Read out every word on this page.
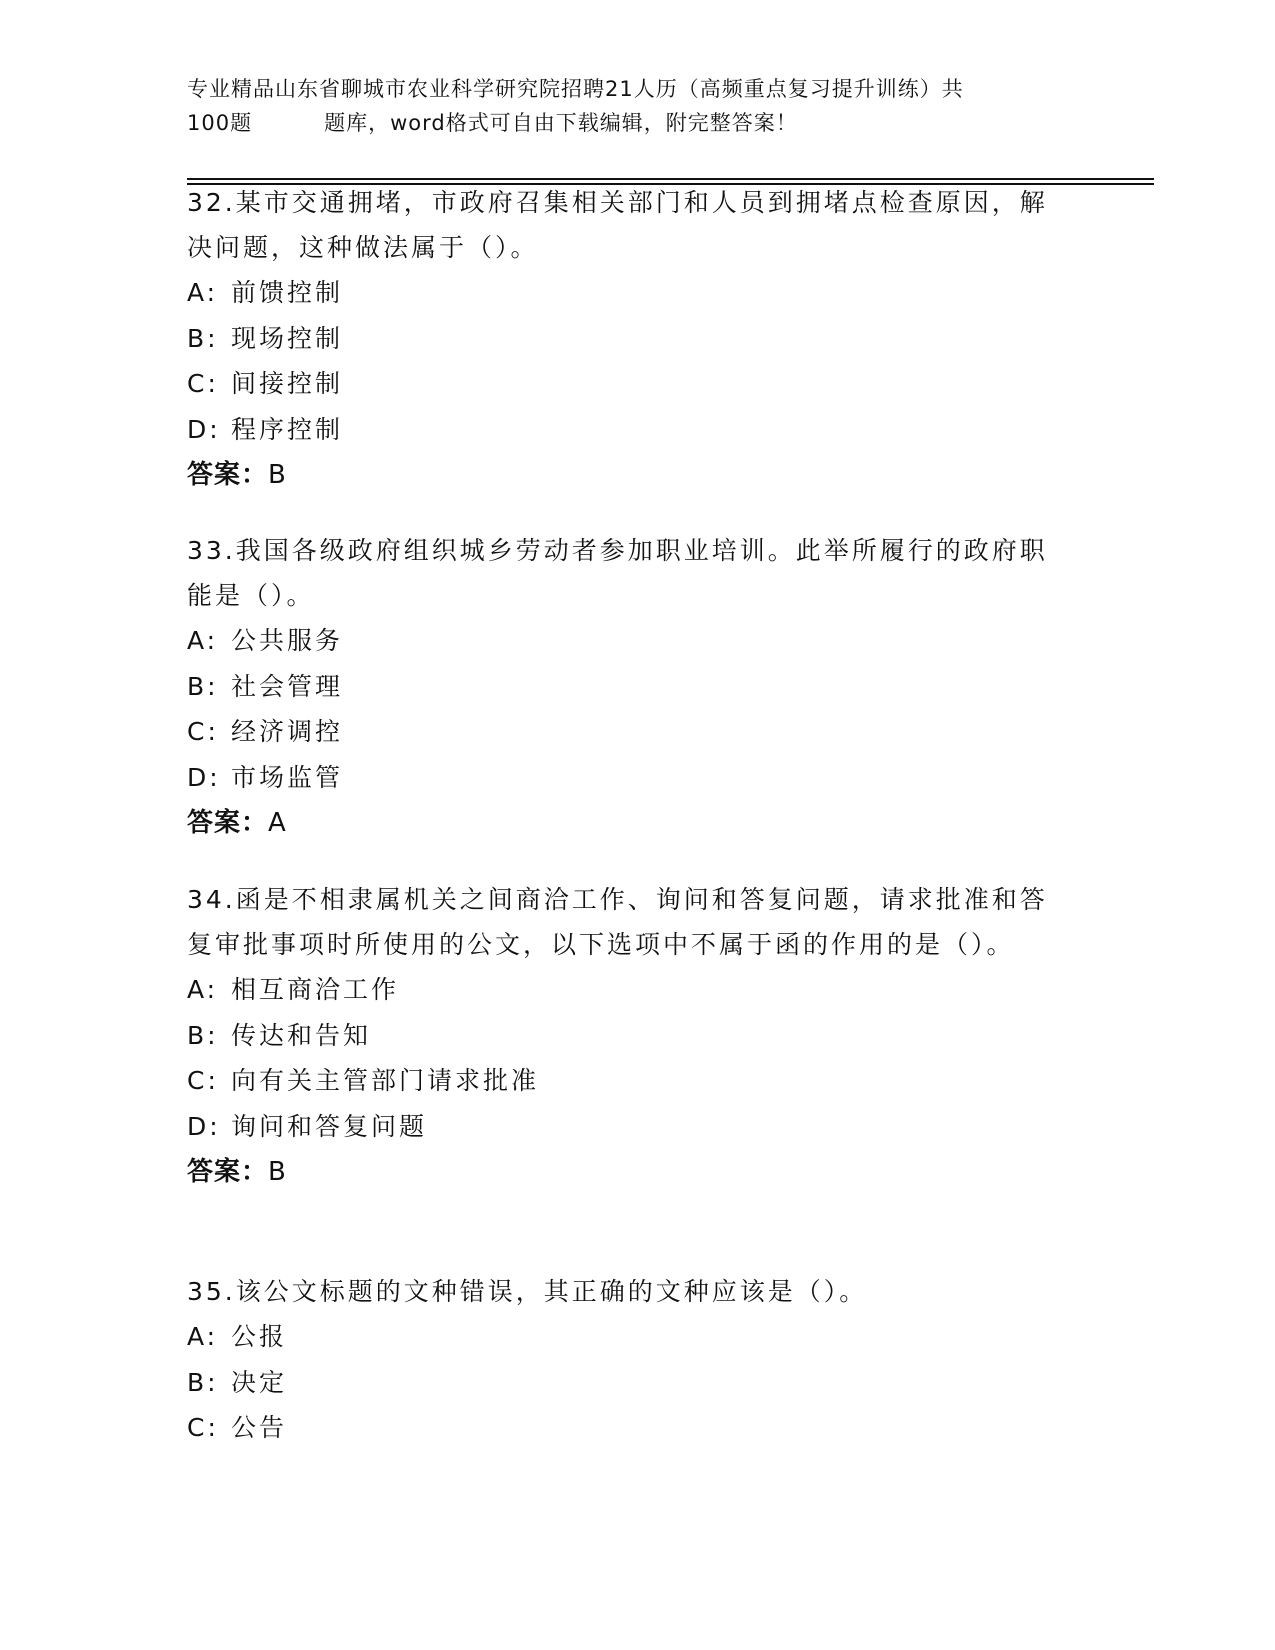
专业精品山东省聊城市农业科学研究院招聘21人历（高频重点复习提升训练）共
100题	题库，word格式可自由下载编辑，附完整答案！

32.某市交通拥堵，市政府召集相关部门和人员到拥堵点检查原因，解

决问题，这种做法属于（）。

A: 前馈控制

B: 现场控制

C: 间接控制

D: 程序控制

答案：B

33.我国各级政府组织城乡劳动者参加职业培训。此举所履行的政府职

能是（）。

A: 公共服务

B: 社会管理

C: 经济调控

D: 市场监管

答案：A

34.函是不相隶属机关之间商洽工作、询问和答复问题，请求批准和答

复审批事项时所使用的公文，以下选项中不属于函的作用的是（）。

A: 相互商洽工作

B: 传达和告知

C: 向有关主管部门请求批准

D: 询问和答复问题

答案：B

35.该公文标题的文种错误，其正确的文种应该是（）。

A: 公报

B: 决定

C: 公告
